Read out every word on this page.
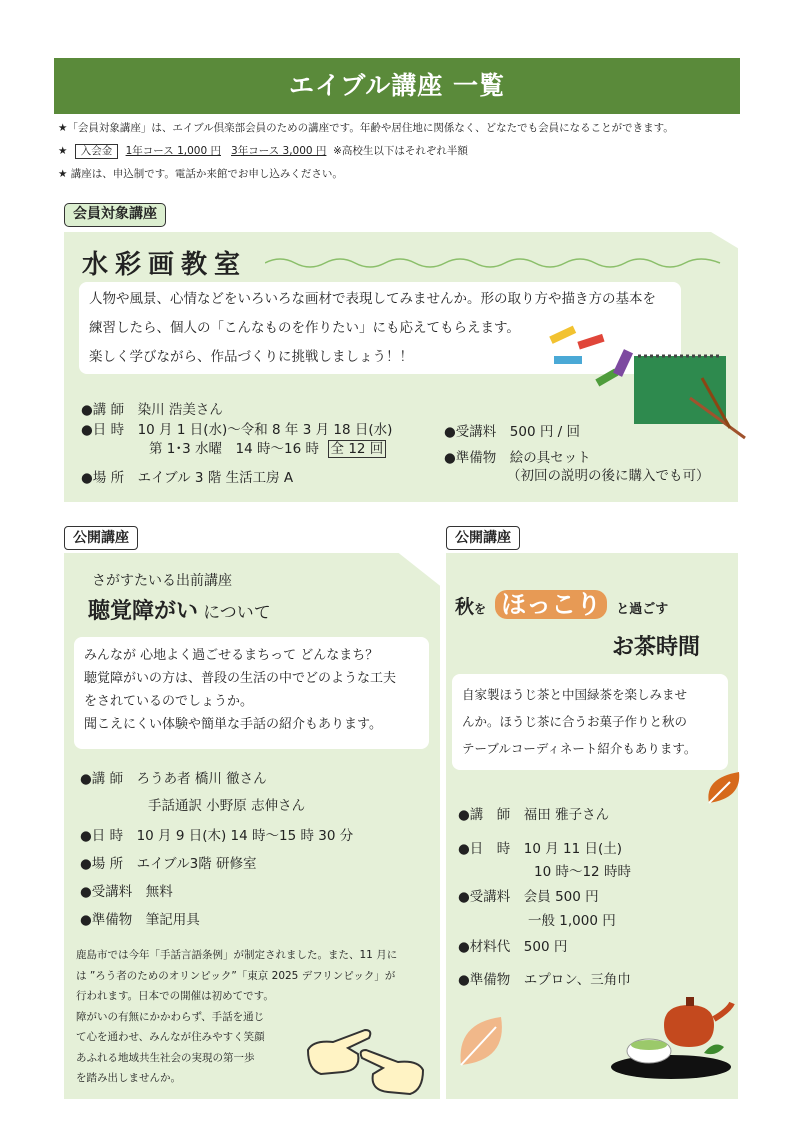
エイブル講座 一覧
★「会員対象講座」は、エイブル倶楽部会員のための講座です。年齢や居住地に関係なく、どなたでも会員になることができます。
★ 入会金 1年コース 1,000 円 3年コース 3,000 円 ※高校生以下はそれぞれ半額
★ 講座は、申込制です。電話か来館でお申し込みください。
会員対象講座
水彩画教室
人物や風景、心情などをいろいろな画材で表現してみませんか。形の取り方や描き方の基本を
練習したら、個人の「こんなものを作りたい」にも応えてもらえます。
楽しく学びながら、作品づくりに挑戦しましょう！！
●講 師　染川 浩美さん
●日 時　10 月 1 日(水)〜令和 8 年 3 月 18 日(水)
第 1･3 水曜　14 時〜16 時 全 12 回
●場 所　エイブル 3 階 生活工房 A
●受講料　500 円 / 回
●準備物　絵の具セット
（初回の説明の後に購入でも可）
公開講座
さがすたいる出前講座
聴覚障がい について
みんなが 心地よく過ごせるまちって どんなまち？
聴覚障がいの方は、普段の生活の中でどのような工夫
をされているのでしょうか。
聞こえにくい体験や簡単な手話の紹介もあります。
●講 師　ろうあ者 橋川 徹さん
手話通訳 小野原 志伸さん
●日 時　10 月 9 日(木) 14 時〜15 時 30 分
●場 所　エイブル3階 研修室
●受講料　無料
●準備物　筆記用具
鹿島市では今年「手話言語条例」が制定されました。また、11 月に
は ”ろう者のためのオリンピック”「東京 2025 デフリンピック」が
行われます。日本での開催は初めてです。
障がいの有無にかかわらず、手話を通じ
て心を通わせ、みんなが住みやすく笑顔
あふれる地域共生社会の実現の第一歩
を踏み出しませんか。
公開講座
秋を ほっこり と過ごす
お茶時間
自家製ほうじ茶と中国緑茶を楽しみませ
んか。ほうじ茶に合うお菓子作りと秋の
テーブルコーディネート紹介もあります。
●講　師　福田 雅子さん
●日　時　10 月 11 日(土)
10 時〜12 時時
●受講料　会員 500 円
一般 1,000 円
●材料代　500 円
●準備物　エプロン、三角巾
